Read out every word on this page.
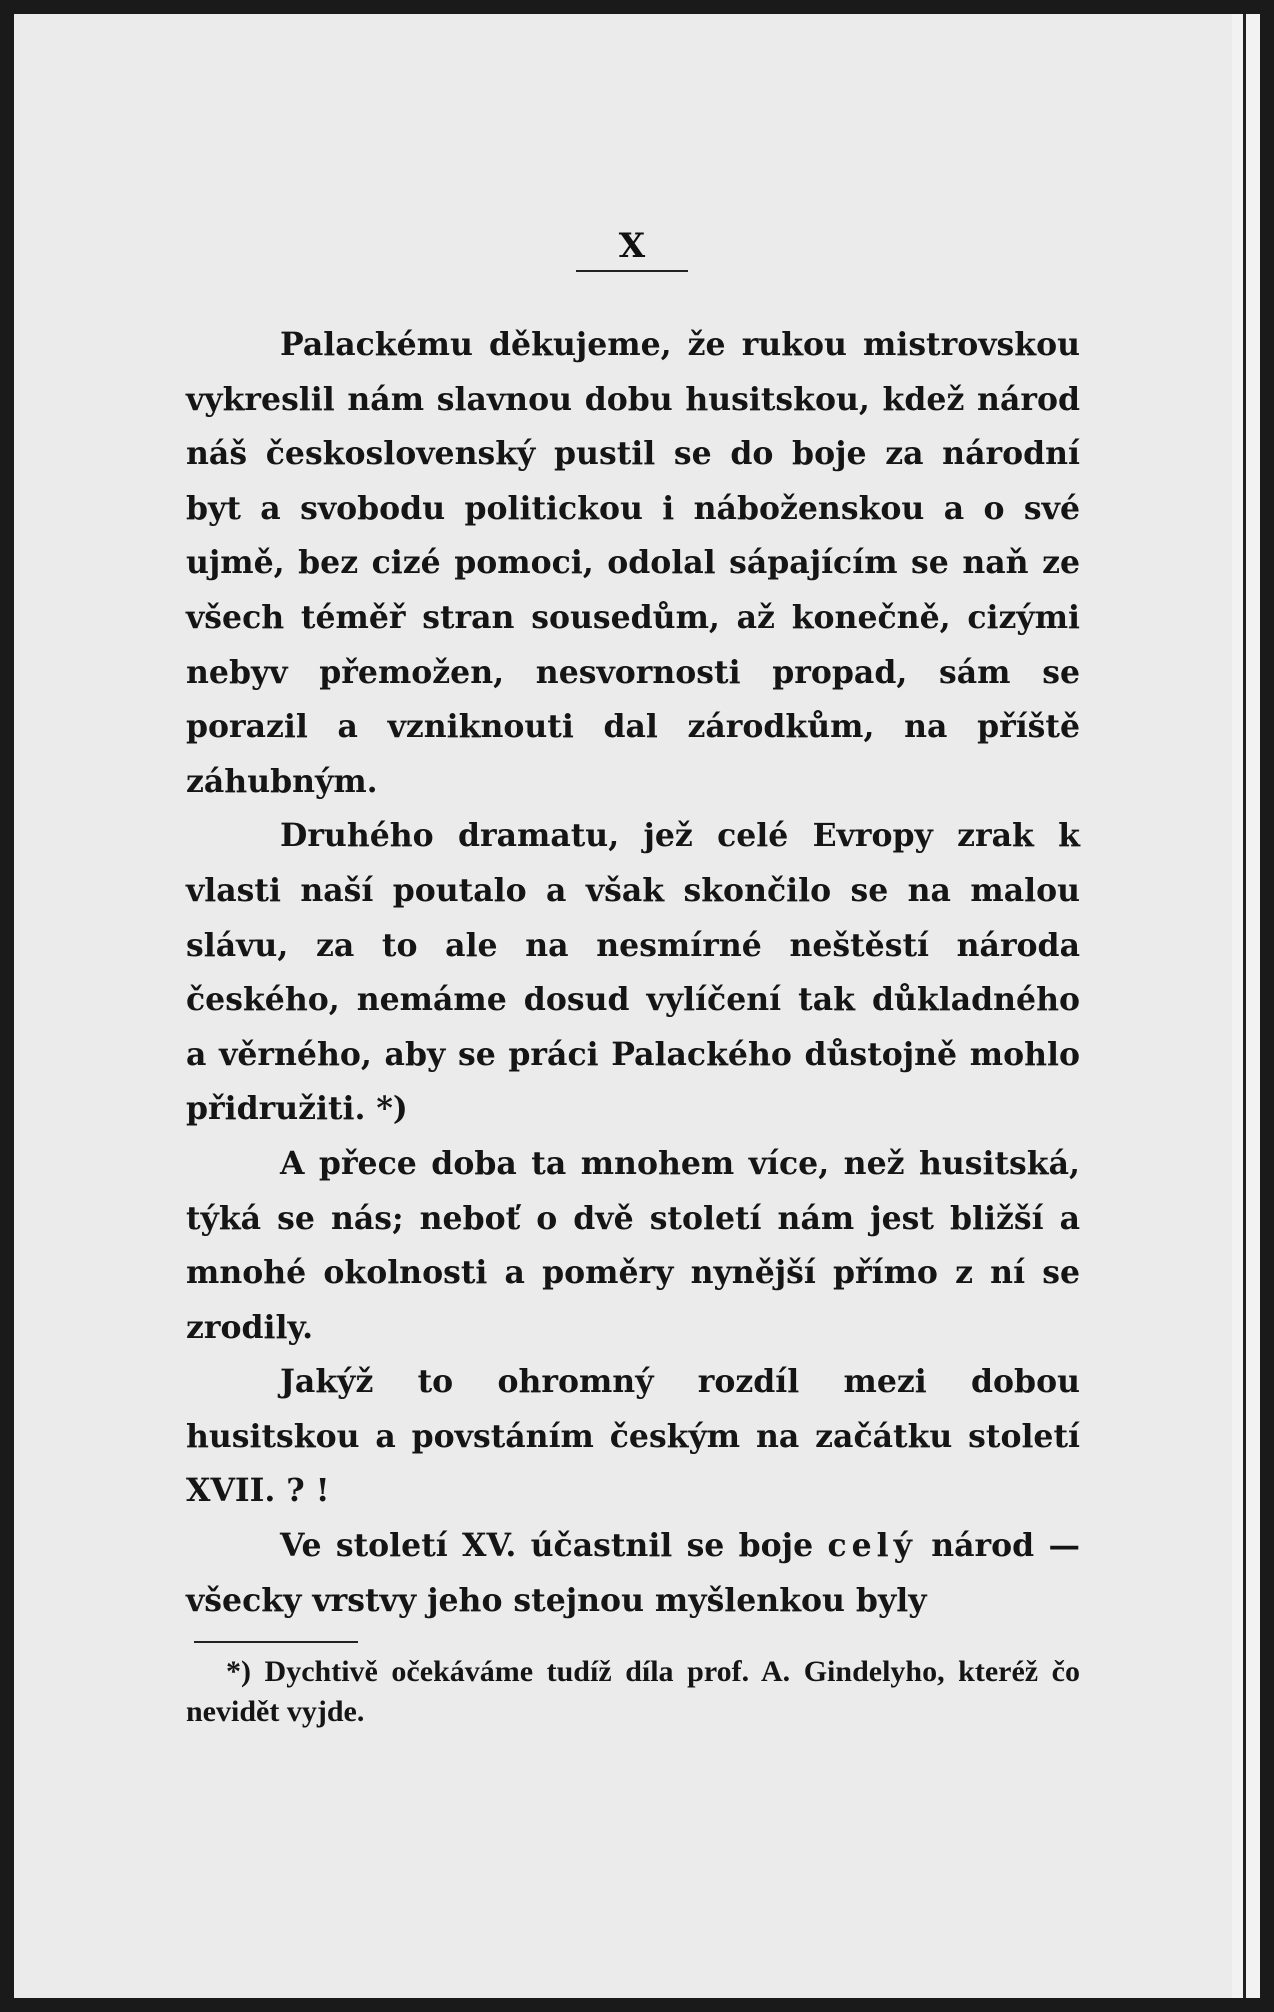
X

Palackému děkujeme, že rukou mistrovskou vykreslil nám slavnou dobu husitskou, kdež národ náš československý pustil se do boje za národní byt a svobodu politickou i náboženskou a o své ujmě, bez cizé pomoci, odolal sápajícím se naň ze všech téměř stran sousedům, až konečně, cizými nebyv přemožen, nesvornosti propad, sám se porazil a vzniknouti dal zárodkům, na příště záhubným.

Druhého dramatu, jež celé Evropy zrak k vlasti naší poutalo a však skončilo se na malou slávu, za to ale na nesmírné neštěstí národa českého, nemáme dosud vylíčení tak důkladného a věrného, aby se práci Palackého důstojně mohlo přidružiti. *)

A přece doba ta mnohem více, než husitská, týká se nás; neboť o dvě století nám jest bližší a mnohé okolnosti a poměry nynější přímo z ní se zrodily.

Jakýž to ohromný rozdíl mezi dobou husitskou a povstáním českým na začátku století XVII. ? !

Ve století XV. účastnil se boje celý národ — všecky vrstvy jeho stejnou myšlenkou byly

*) Dychtivě očekáváme tudíž díla prof. A. Gindelyho, kteréž čo nevidět vyjde.
